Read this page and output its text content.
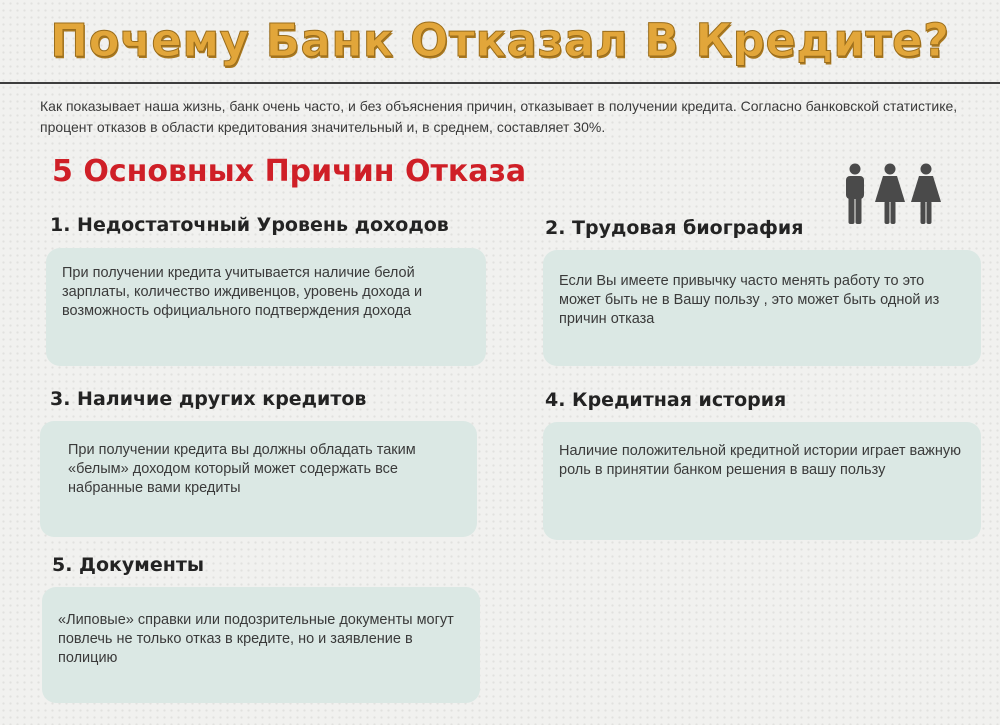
Почему Банк Отказал В Кредите?
Как показывает наша жизнь, банк очень часто, и без объяснения причин, отказывает в получении кредита. Согласно банковской статистике, процент отказов в области кредитования значительный и, в среднем, составляет 30%.
5 Основных Причин Отказа
1. Недостаточный Уровень доходов
При получении кредита учитывается наличие белой зарплаты, количество иждивенцов, уровень дохода и возможность официального подтверждения дохода
2. Трудовая биография
Если Вы имеете привычку часто менять работу то это может быть не в Вашу пользу , это может быть одной из причин отказа
3. Наличие других кредитов
При получении кредита вы должны обладать таким «белым» доходом который может содержать все набранные вами кредиты
4. Кредитная история
Наличие положительной кредитной истории играет важную роль в принятии банком решения в вашу пользу
5. Документы
«Липовые» справки или подозрительные документы могут повлечь не только отказ в кредите, но и заявление в полицию
